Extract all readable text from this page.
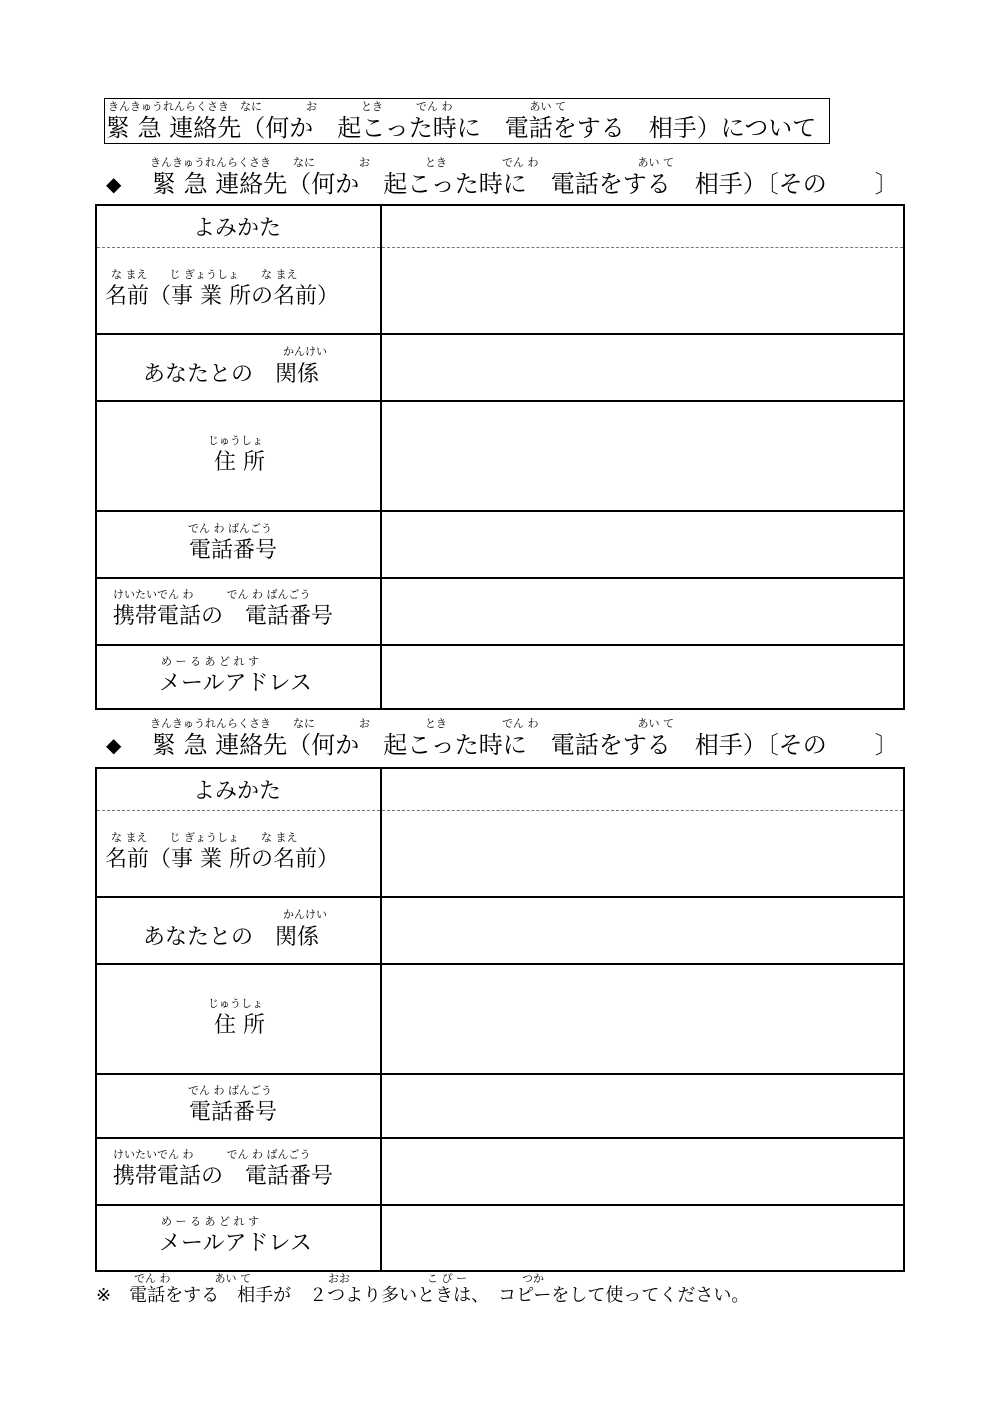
きんきゅうれんらくさき　なに　　　　お　　　　とき　　　でん わ　　　　　　　あい て
緊 急 連絡先（何か　起こった時に　電話をする　相手）について
きんきゅうれんらくさき　　なに　　　　お　　　　　とき　　　　　でん わ　　　　　　　　　あい て
◆ 緊 急 連絡先（何か　起こった時に　電話をする　相手）〔その　　〕
よみかた
な まえ　　じ ぎょうしょ　　な まえ
名前（事 業 所の名前）
かんけい
あなたとの　関係
じゅうしょ
住 所
でん わ ばんごう
電話番号
けいたいでん わ　　　でん わ ばんごう
携帯電話の　電話番号
め ー る あ ど れ す
メールアドレス
きんきゅうれんらくさき　　なに　　　　お　　　　　とき　　　　　でん わ　　　　　　　　　あい て
◆ 緊 急 連絡先（何か　起こった時に　電話をする　相手）〔その　　〕
よみかた
な まえ　　じ ぎょうしょ　　な まえ
名前（事 業 所の名前）
かんけい
あなたとの　関係
じゅうしょ
住 所
でん わ ばんごう
電話番号
けいたいでん わ　　　でん わ ばんごう
携帯電話の　電話番号
め ー る あ ど れ す
メールアドレス
でん わ　　　　あい て　　　　　　　おお　　　　　　　こ ぴ ー　　　　　つか
※　電話をする　相手が　２つより多いときは、　コピーをして使ってください。
